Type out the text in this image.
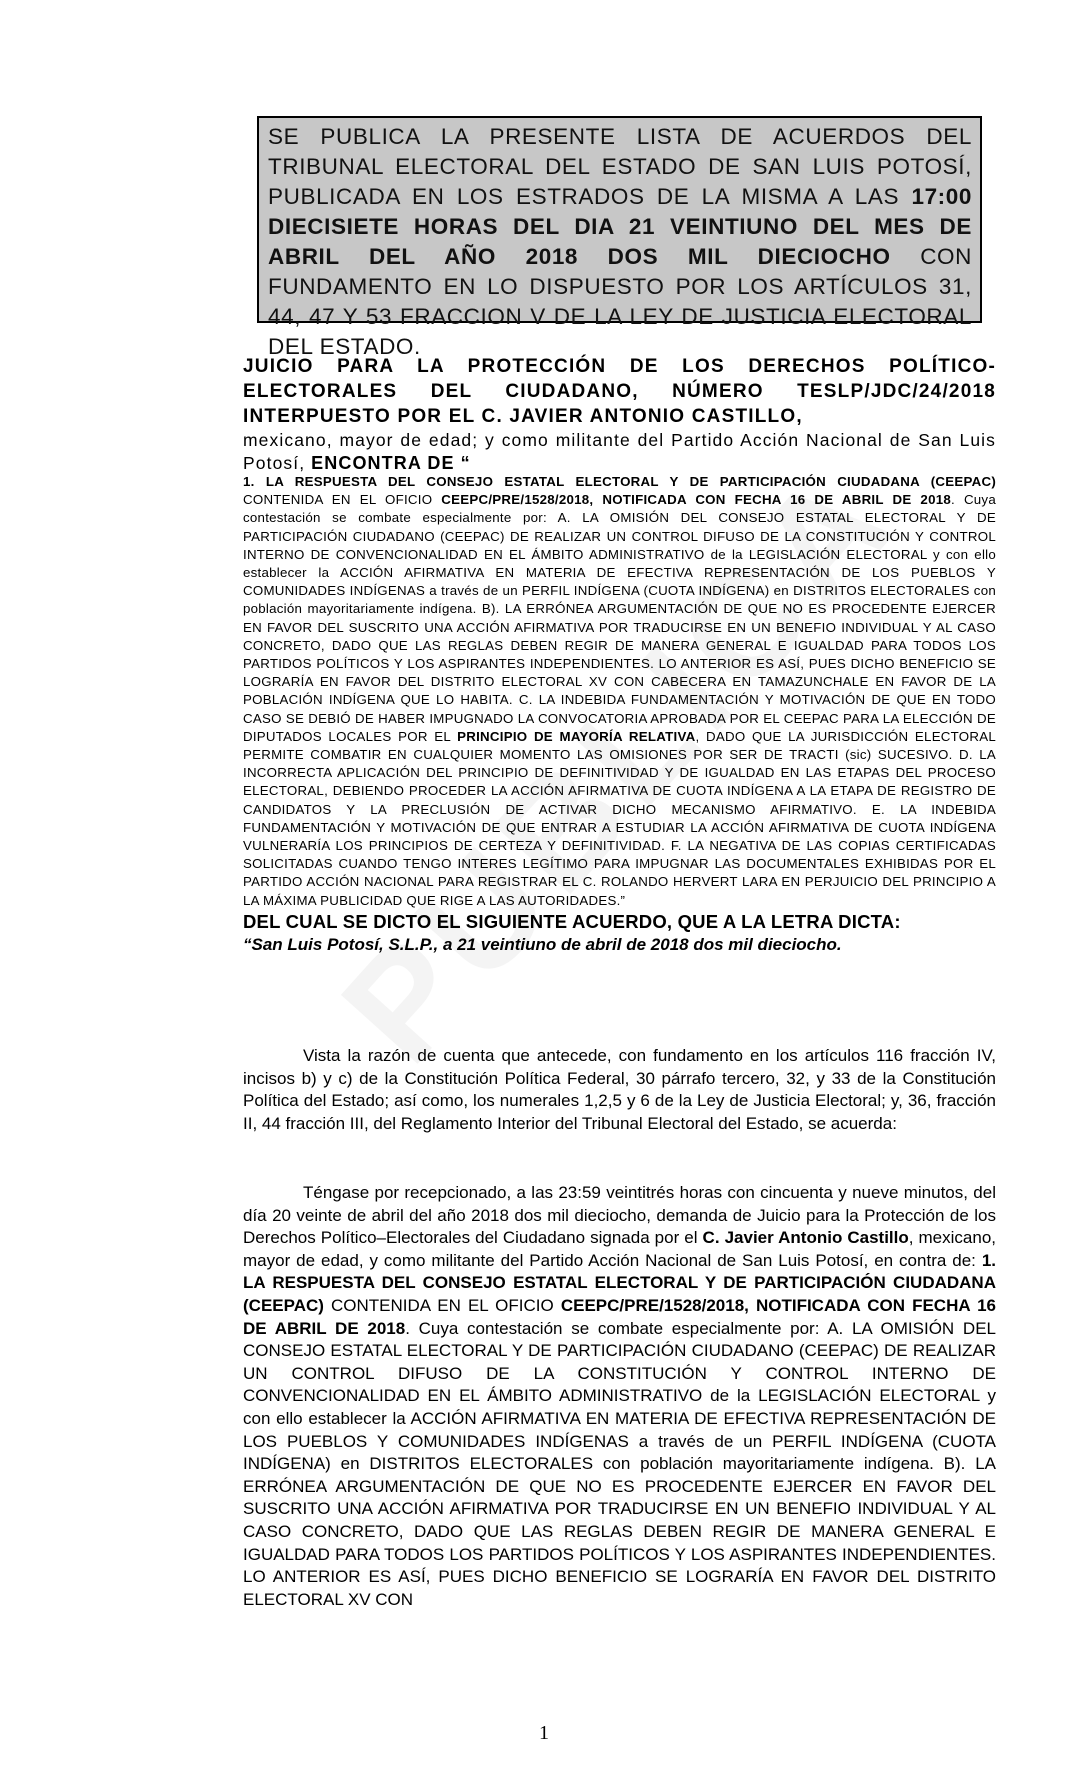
SE PUBLICA LA PRESENTE LISTA DE ACUERDOS DEL TRIBUNAL ELECTORAL DEL ESTADO DE SAN LUIS POTOSÍ, PUBLICADA EN LOS ESTRADOS DE LA MISMA A LAS 17:00 DIECISIETE HORAS DEL DIA 21 VEINTIUNO DEL MES DE ABRIL DEL AÑO 2018 DOS MIL DIECIOCHO CON FUNDAMENTO EN LO DISPUESTO POR LOS ARTÍCULOS 31, 44, 47 Y 53 FRACCION V DE LA LEY DE JUSTICIA ELECTORAL DEL ESTADO.

JUICIO PARA LA PROTECCIÓN DE LOS DERECHOS POLÍTICO-ELECTORALES DEL CIUDADANO, NÚMERO TESLP/JDC/24/2018 INTERPUESTO POR EL C. JAVIER ANTONIO CASTILLO,

mexicano, mayor de edad; y como militante del Partido Acción Nacional de San Luis Potosí, ENCONTRA DE “

1. LA RESPUESTA DEL CONSEJO ESTATAL ELECTORAL Y DE PARTICIPACIÓN CIUDADANA (CEEPAC) CONTENIDA EN EL OFICIO CEEPC/PRE/1528/2018, NOTIFICADA CON FECHA 16 DE ABRIL DE 2018. Cuya contestación se combate especialmente por: A. LA OMISIÓN DEL CONSEJO ESTATAL ELECTORAL Y DE PARTICIPACIÓN CIUDADANO (CEEPAC) DE REALIZAR UN CONTROL DIFUSO DE LA CONSTITUCIÓN Y CONTROL INTERNO DE CONVENCIONALIDAD EN EL ÁMBITO ADMINISTRATIVO de la LEGISLACIÓN ELECTORAL y con ello establecer la ACCIÓN AFIRMATIVA EN MATERIA DE EFECTIVA REPRESENTACIÓN DE LOS PUEBLOS Y COMUNIDADES INDÍGENAS a través de un PERFIL INDÍGENA (CUOTA INDÍGENA) en DISTRITOS ELECTORALES con población mayoritariamente indígena. B). LA ERRÓNEA ARGUMENTACIÓN DE QUE NO ES PROCEDENTE EJERCER EN FAVOR DEL SUSCRITO UNA ACCIÓN AFIRMATIVA POR TRADUCIRSE EN UN BENEFIO INDIVIDUAL Y AL CASO CONCRETO, DADO QUE LAS REGLAS DEBEN REGIR DE MANERA GENERAL E IGUALDAD PARA TODOS LOS PARTIDOS POLÍTICOS Y LOS ASPIRANTES INDEPENDIENTES. LO ANTERIOR ES ASÍ, PUES DICHO BENEFICIO SE LOGRARÍA EN FAVOR DEL DISTRITO ELECTORAL XV CON CABECERA EN TAMAZUNCHALE EN FAVOR DE LA POBLACIÓN INDÍGENA QUE LO HABITA. C. LA INDEBIDA FUNDAMENTACIÓN Y MOTIVACIÓN DE QUE EN TODO CASO SE DEBIÓ DE HABER IMPUGNADO LA CONVOCATORIA APROBADA POR EL CEEPAC PARA LA ELECCIÓN DE DIPUTADOS LOCALES POR EL PRINCIPIO DE MAYORÍA RELATIVA, DADO QUE LA JURISDICCIÓN ELECTORAL PERMITE COMBATIR EN CUALQUIER MOMENTO LAS OMISIONES POR SER DE TRACTI (sic) SUCESIVO. D. LA INCORRECTA APLICACIÓN DEL PRINCIPIO DE DEFINITIVIDAD Y DE IGUALDAD EN LAS ETAPAS DEL PROCESO ELECTORAL, DEBIENDO PROCEDER LA ACCIÓN AFIRMATIVA DE CUOTA INDÍGENA A LA ETAPA DE REGISTRO DE CANDIDATOS Y LA PRECLUSIÓN DE ACTIVAR DICHO MECANISMO AFIRMATIVO. E. LA INDEBIDA FUNDAMENTACIÓN Y MOTIVACIÓN DE QUE ENTRAR A ESTUDIAR LA ACCIÓN AFIRMATIVA DE CUOTA INDÍGENA VULNERARÍA LOS PRINCIPIOS DE CERTEZA Y DEFINITIVIDAD. F. LA NEGATIVA DE LAS COPIAS CERTIFICADAS SOLICITADAS CUANDO TENGO INTERES LEGÍTIMO PARA IMPUGNAR LAS DOCUMENTALES EXHIBIDAS POR EL PARTIDO ACCIÓN NACIONAL PARA REGISTRAR EL C. ROLANDO HERVERT LARA EN PERJUICIO DEL PRINCIPIO A LA MÁXIMA PUBLICIDAD QUE RIGE A LAS AUTORIDADES.”

DEL CUAL SE DICTO EL SIGUIENTE ACUERDO, QUE A LA LETRA DICTA:

“San Luis Potosí, S.L.P., a 21 veintiuno de abril de 2018 dos mil dieciocho.

Vista la razón de cuenta que antecede, con fundamento en los artículos 116 fracción IV, incisos b) y c) de la Constitución Política Federal, 30 párrafo tercero, 32, y 33 de la Constitución Política del Estado; así como, los numerales 1,2,5 y 6 de la Ley de Justicia Electoral; y, 36, fracción II, 44 fracción III, del Reglamento Interior del Tribunal Electoral del Estado, se acuerda:

Téngase por recepcionado, a las 23:59 veintitrés horas con cincuenta y nueve minutos, del día 20 veinte de abril del año 2018 dos mil dieciocho, demanda de Juicio para la Protección de los Derechos Político–Electorales del Ciudadano signada por el C. Javier Antonio Castillo, mexicano, mayor de edad, y como militante del Partido Acción Nacional de San Luis Potosí, en contra de: 1. LA RESPUESTA DEL CONSEJO ESTATAL ELECTORAL Y DE PARTICIPACIÓN CIUDADANA (CEEPAC) CONTENIDA EN EL OFICIO CEEPC/PRE/1528/2018, NOTIFICADA CON FECHA 16 DE ABRIL DE 2018. Cuya contestación se combate especialmente por: A. LA OMISIÓN DEL CONSEJO ESTATAL ELECTORAL Y DE PARTICIPACIÓN CIUDADANO (CEEPAC) DE REALIZAR UN CONTROL DIFUSO DE LA CONSTITUCIÓN Y CONTROL INTERNO DE CONVENCIONALIDAD EN EL ÁMBITO ADMINISTRATIVO de la LEGISLACIÓN ELECTORAL y con ello establecer la ACCIÓN AFIRMATIVA EN MATERIA DE EFECTIVA REPRESENTACIÓN DE LOS PUEBLOS Y COMUNIDADES INDÍGENAS a través de un PERFIL INDÍGENA (CUOTA INDÍGENA) en DISTRITOS ELECTORALES con población mayoritariamente indígena. B). LA ERRÓNEA ARGUMENTACIÓN DE QUE NO ES PROCEDENTE EJERCER EN FAVOR DEL SUSCRITO UNA ACCIÓN AFIRMATIVA POR TRADUCIRSE EN UN BENEFIO INDIVIDUAL Y AL CASO CONCRETO, DADO QUE LAS REGLAS DEBEN REGIR DE MANERA GENERAL E IGUALDAD PARA TODOS LOS PARTIDOS POLÍTICOS Y LOS ASPIRANTES INDEPENDIENTES. LO ANTERIOR ES ASÍ, PUES DICHO BENEFICIO SE LOGRARÍA EN FAVOR DEL DISTRITO ELECTORAL XV CON

1
